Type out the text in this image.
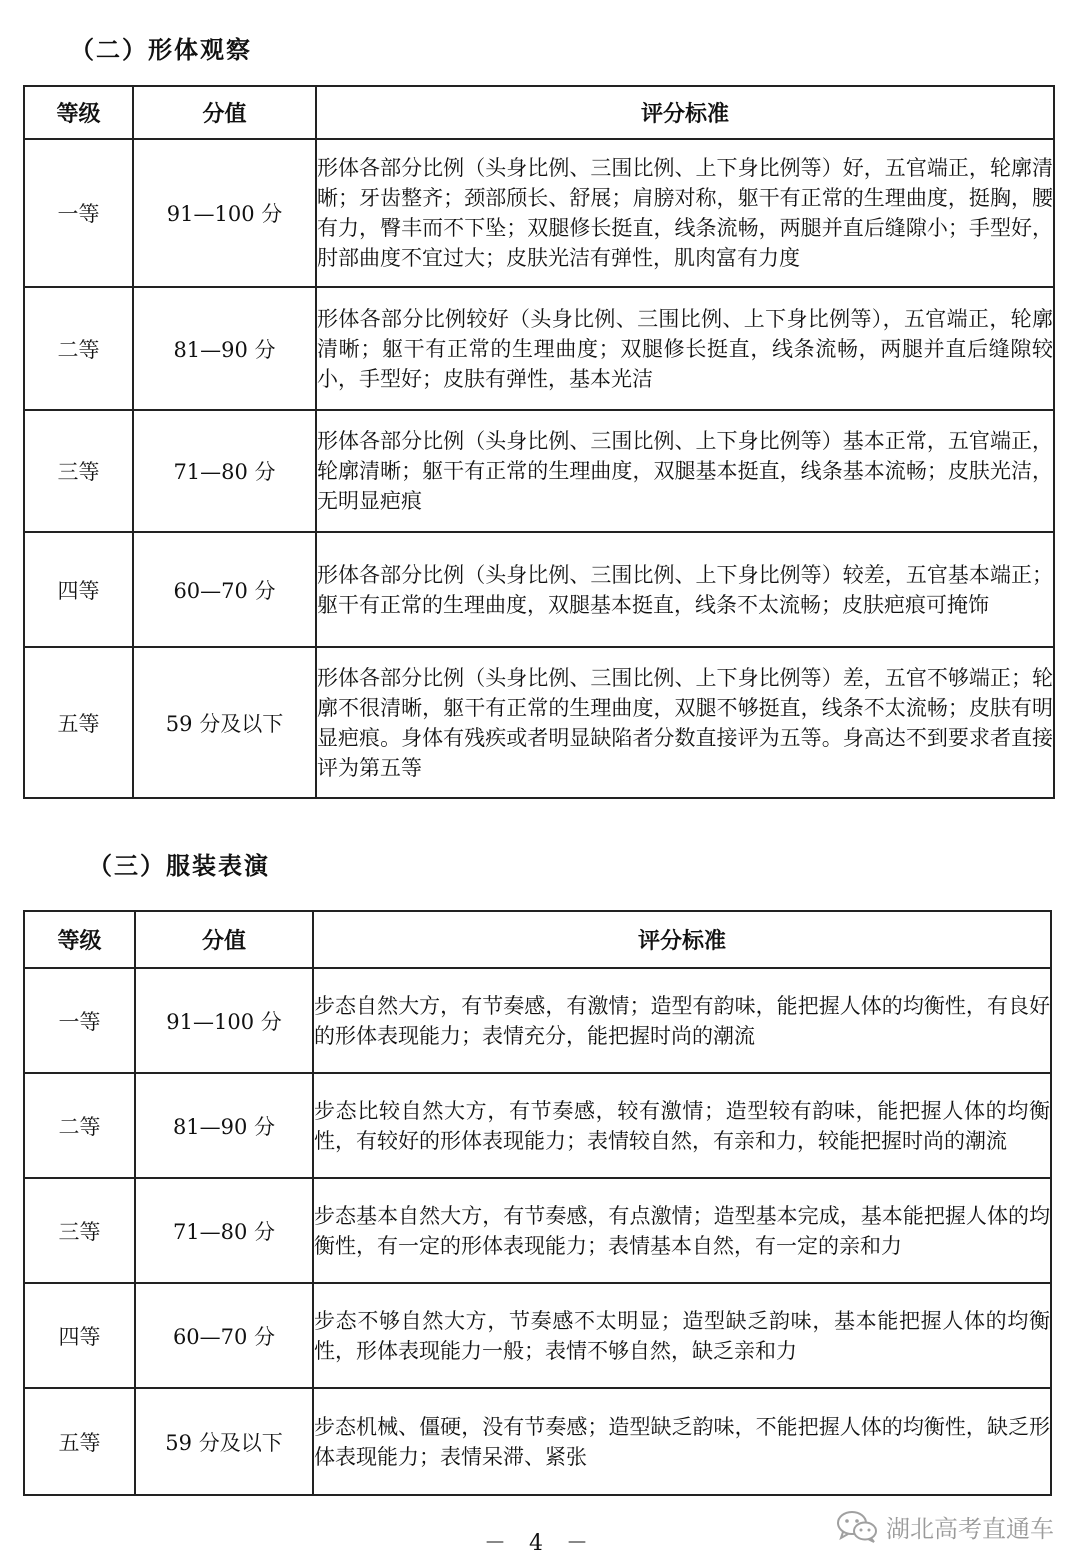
（二）形体观察
等级	分值	评分标准
一等	91—100 分	形体各部分比例（头身比例、三围比例、上下身比例等）好，五官端正，轮廓清晰；牙齿整齐；颈部颀长、舒展；肩膀对称，躯干有正常的生理曲度，挺胸，腰有力，臀丰而不下坠；双腿修长挺直，线条流畅，两腿并直后缝隙小；手型好，肘部曲度不宜过大；皮肤光洁有弹性，肌肉富有力度
二等	81—90 分	形体各部分比例较好（头身比例、三围比例、上下身比例等），五官端正，轮廓清晰；躯干有正常的生理曲度；双腿修长挺直，线条流畅，两腿并直后缝隙较小，手型好；皮肤有弹性，基本光洁
三等	71—80 分	形体各部分比例（头身比例、三围比例、上下身比例等）基本正常，五官端正，轮廓清晰；躯干有正常的生理曲度，双腿基本挺直，线条基本流畅；皮肤光洁，无明显疤痕
四等	60—70 分	形体各部分比例（头身比例、三围比例、上下身比例等）较差，五官基本端正；躯干有正常的生理曲度，双腿基本挺直，线条不太流畅；皮肤疤痕可掩饰
五等	59 分及以下	形体各部分比例（头身比例、三围比例、上下身比例等）差，五官不够端正；轮廓不很清晰，躯干有正常的生理曲度，双腿不够挺直，线条不太流畅；皮肤有明显疤痕。身体有残疾或者明显缺陷者分数直接评为五等。身高达不到要求者直接评为第五等
（三）服装表演
等级	分值	评分标准
一等	91—100 分	步态自然大方，有节奏感，有激情；造型有韵味，能把握人体的均衡性，有良好的形体表现能力；表情充分，能把握时尚的潮流
二等	81—90 分	步态比较自然大方，有节奏感，较有激情；造型较有韵味，能把握人体的均衡性，有较好的形体表现能力；表情较自然，有亲和力，较能把握时尚的潮流
三等	71—80 分	步态基本自然大方，有节奏感，有点激情；造型基本完成，基本能把握人体的均衡性，有一定的形体表现能力；表情基本自然，有一定的亲和力
四等	60—70 分	步态不够自然大方，节奏感不太明显；造型缺乏韵味，基本能把握人体的均衡性，形体表现能力一般；表情不够自然，缺乏亲和力
五等	59 分及以下	步态机械、僵硬，没有节奏感；造型缺乏韵味，不能把握人体的均衡性，缺乏形体表现能力；表情呆滞、紧张
湖北高考直通车
－ 4 －
